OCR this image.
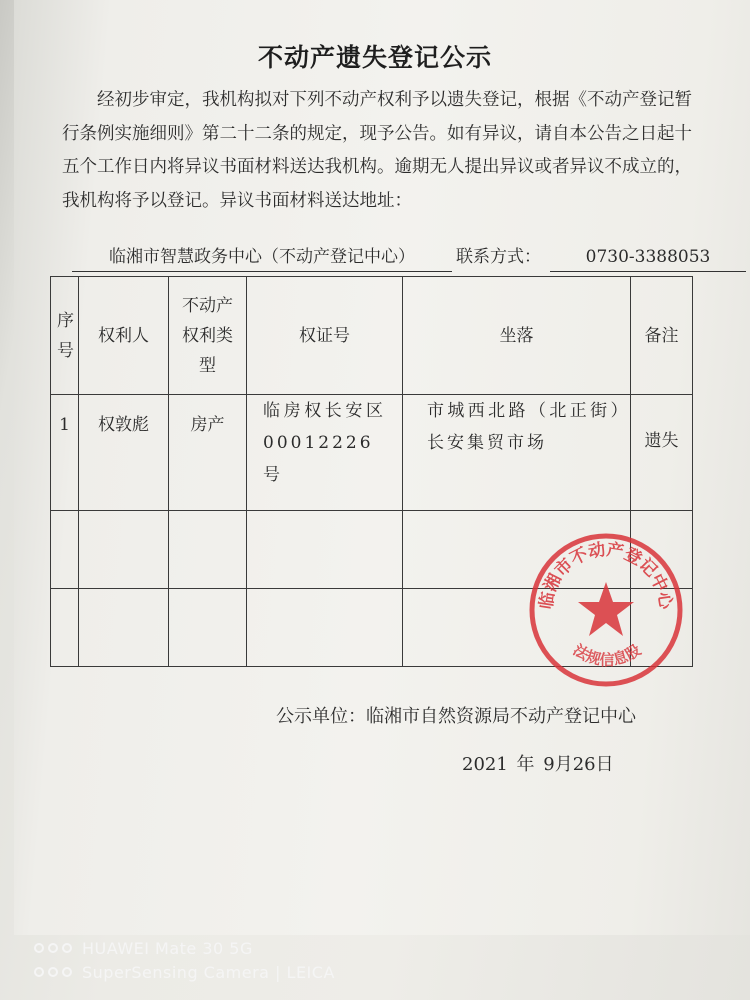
不动产遗失登记公示

经初步审定，我机构拟对下列不动产权利予以遗失登记，根据《不动产登记暂行条例实施细则》第二十二条的规定，现予公告。如有异议，请自本公告之日起十五个工作日内将异议书面材料送达我机构。逾期无人提出异议或者异议不成立的，我机构将予以登记。异议书面材料送达地址：

临湘市智慧政务中心（不动产登记中心）	联系方式：	0730-3388053
序号	权利人	不动产权利类型	权证号	坐落	备注
1	权敦彪	房产	临房权长安区00012226号	市城西北路（北正街）长安集贸市场	遗失

临湘市不动产登记中心
法规信息股
公示单位：临湘市自然资源局不动产登记中心
2021 年 9月26日
HUAWEI Mate 30 5G
SuperSensing Camera | LEICA
